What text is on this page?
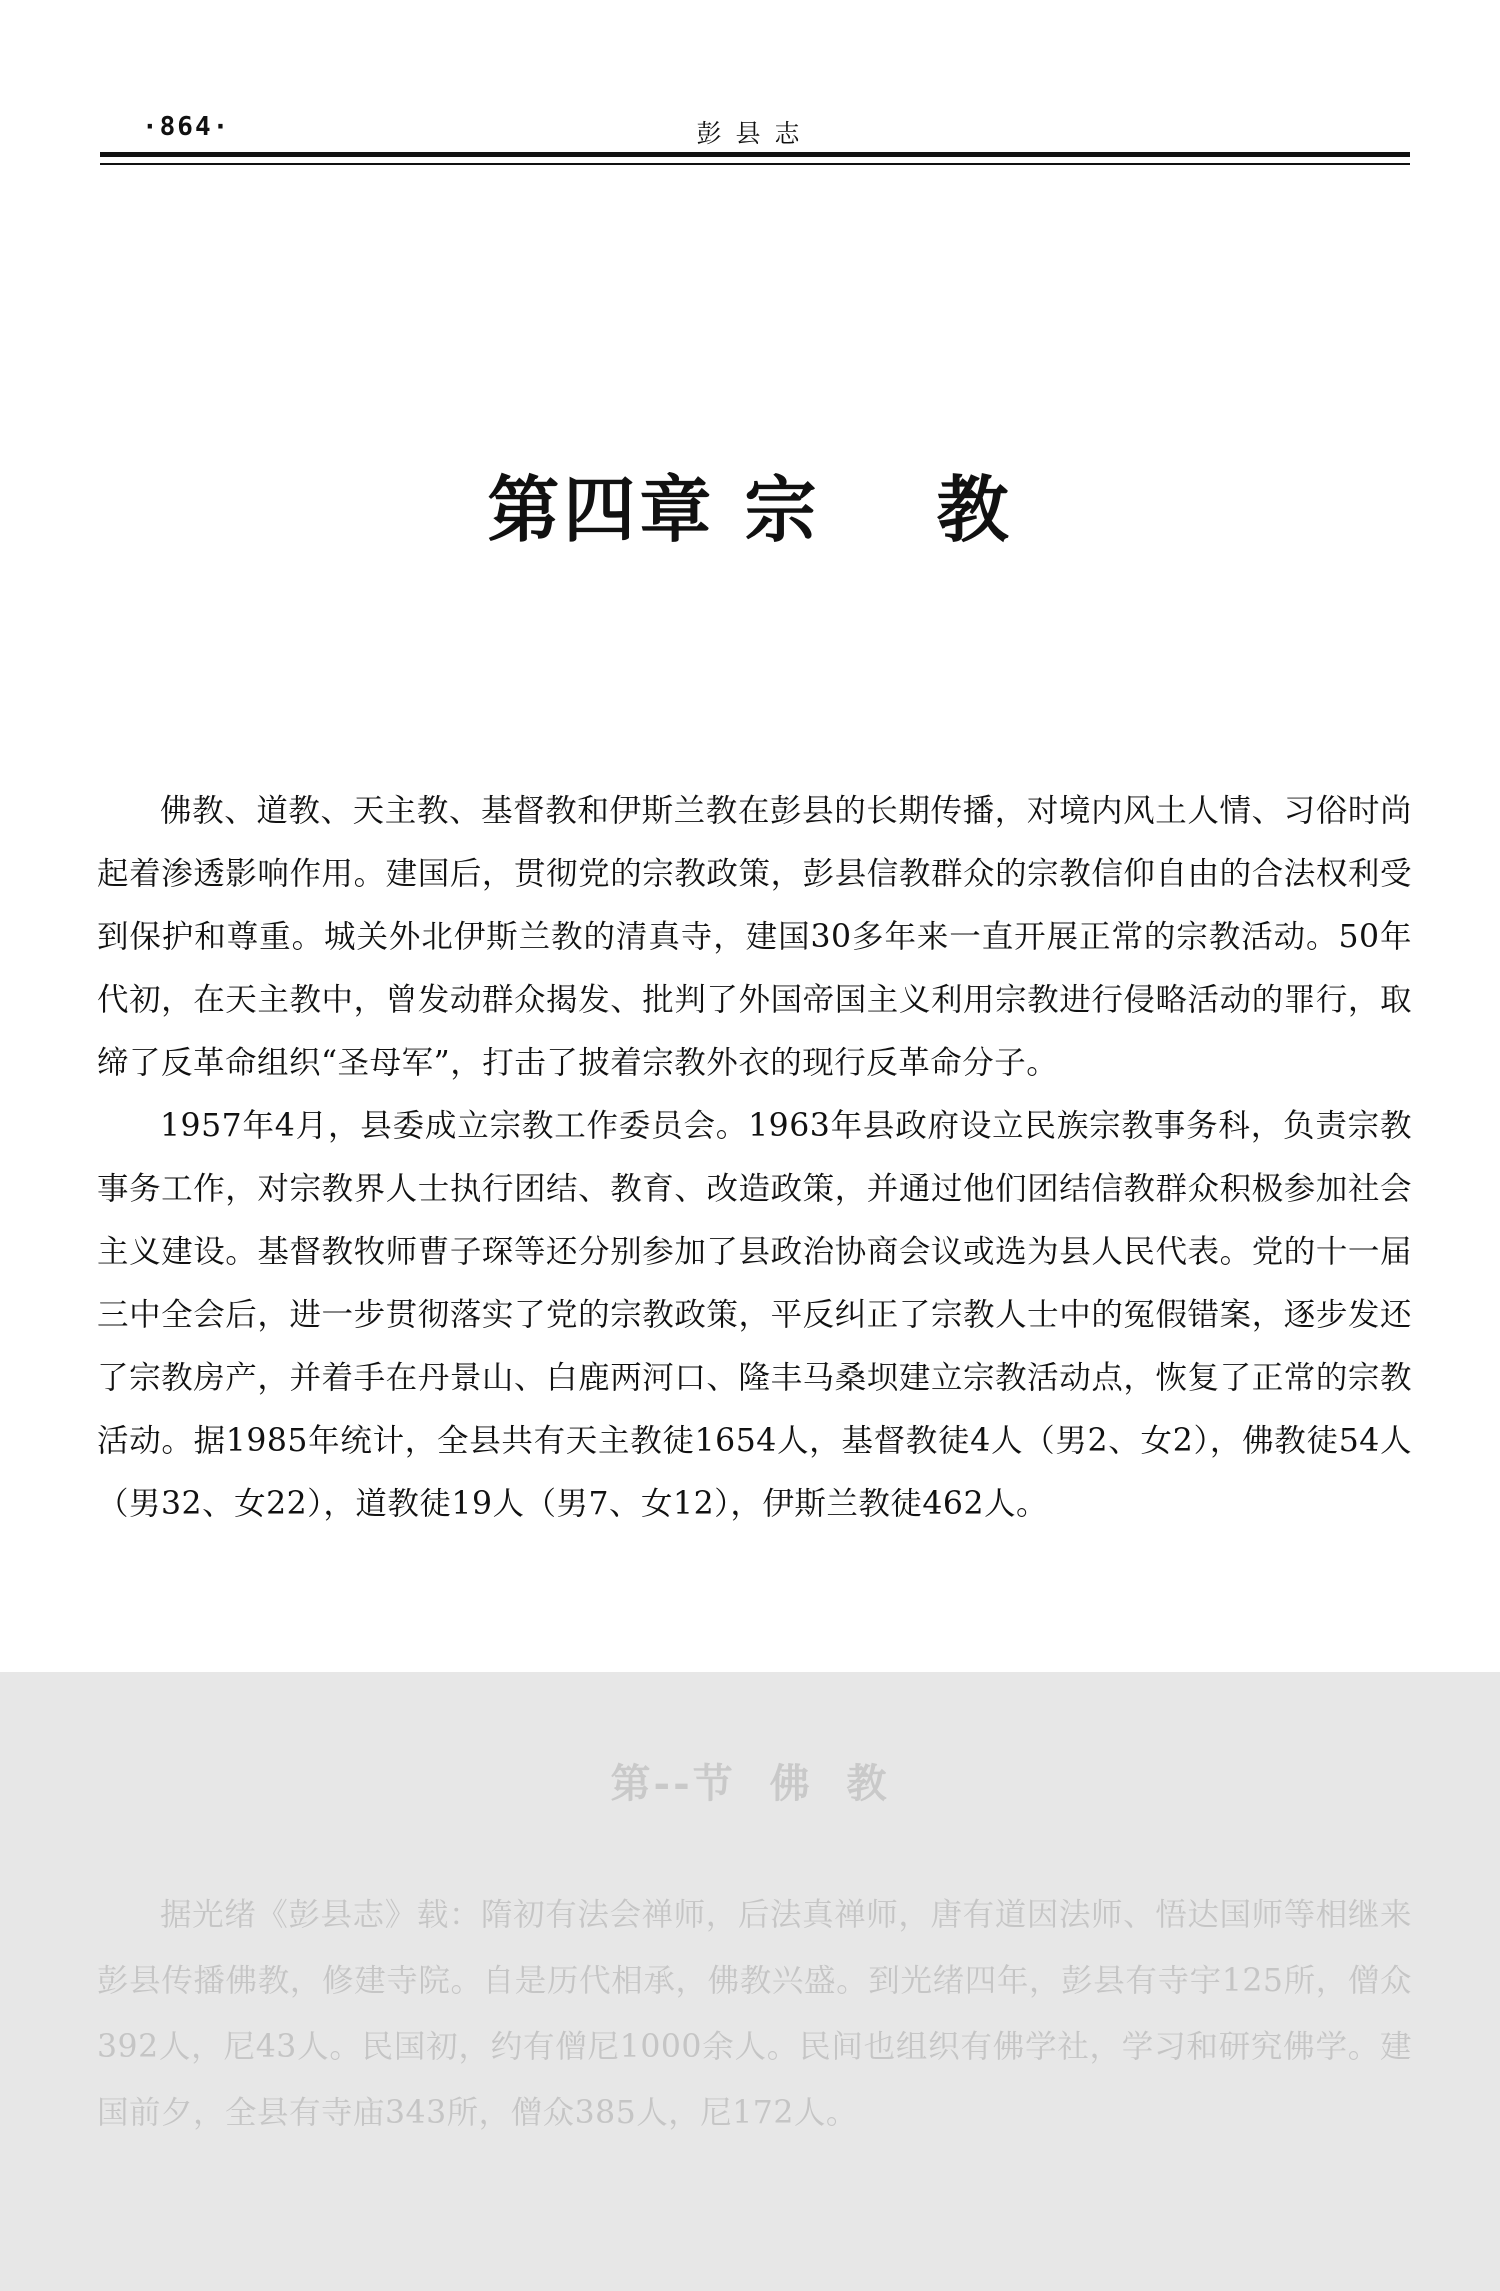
·864·	彭县志
第四章 宗    教

佛教、道教、天主教、基督教和伊斯兰教在彭县的长期传播，对境内风土人情、习俗时尚起着渗透影响作用。建国后，贯彻党的宗教政策，彭县信教群众的宗教信仰自由的合法权利受到保护和尊重。城关外北伊斯兰教的清真寺，建国30多年来一直开展正常的宗教活动。50年代初，在天主教中，曾发动群众揭发、批判了外国帝国主义利用宗教进行侵略活动的罪行，取缔了反革命组织“圣母军”，打击了披着宗教外衣的现行反革命分子。

1957年4月，县委成立宗教工作委员会。1963年县政府设立民族宗教事务科，负责宗教事务工作，对宗教界人士执行团结、教育、改造政策，并通过他们团结信教群众积极参加社会主义建设。基督教牧师曹子琛等还分别参加了县政治协商会议或选为县人民代表。党的十一届三中全会后，进一步贯彻落实了党的宗教政策，平反纠正了宗教人士中的冤假错案，逐步发还了宗教房产，并着手在丹景山、白鹿两河口、隆丰马桑坝建立宗教活动点，恢复了正常的宗教活动。据1985年统计，全县共有天主教徒1654人，基督教徒4人（男2、女2），佛教徒54人（男32、女22），道教徒19人（男7、女12），伊斯兰教徒462人。

第--节  佛  教

据光绪《彭县志》载：隋初有法会禅师，后法真禅师，唐有道因法师、悟达国师等相继来彭县传播佛教，修建寺院。自是历代相承，佛教兴盛。到光绪四年，彭县有寺宇125所，僧众392人，尼43人。民国初，约有僧尼1000余人。民间也组织有佛学社，学习和研究佛学。建国前夕，全县有寺庙343所，僧众385人，尼172人。
